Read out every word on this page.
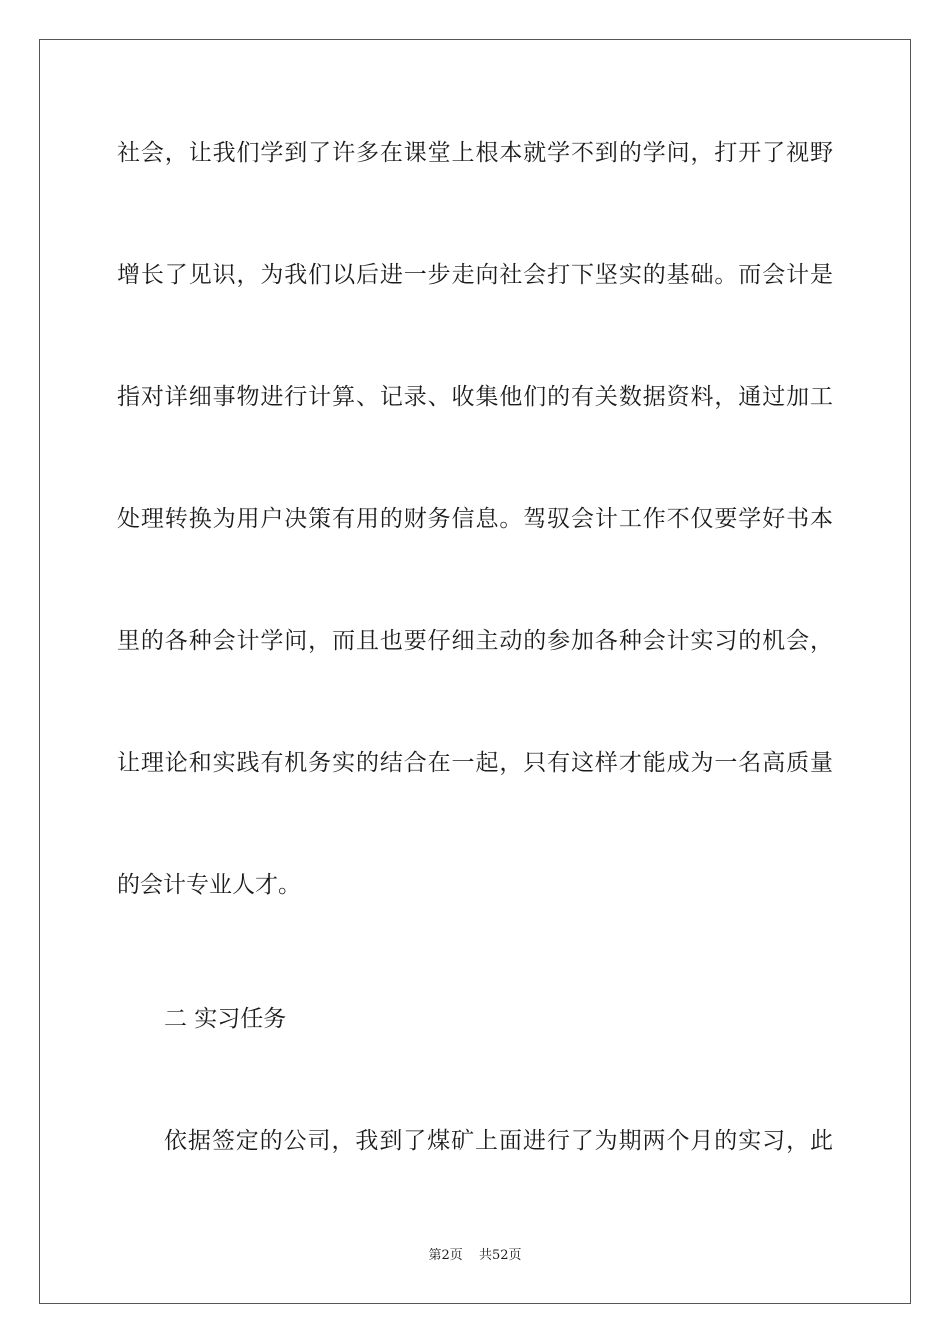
社会，让我们学到了许多在课堂上根本就学不到的学问，打开了视野
增长了见识，为我们以后进一步走向社会打下坚实的基础。而会计是
指对详细事物进行计算、记录、收集他们的有关数据资料，通过加工
处理转换为用户决策有用的财务信息。驾驭会计工作不仅要学好书本
里的各种会计学问，而且也要仔细主动的参加各种会计实习的机会，
让理论和实践有机务实的结合在一起，只有这样才能成为一名高质量
的会计专业人才。
二 实习任务
依据签定的公司，我到了煤矿上面进行了为期两个月的实习，此
第2页 共52页
